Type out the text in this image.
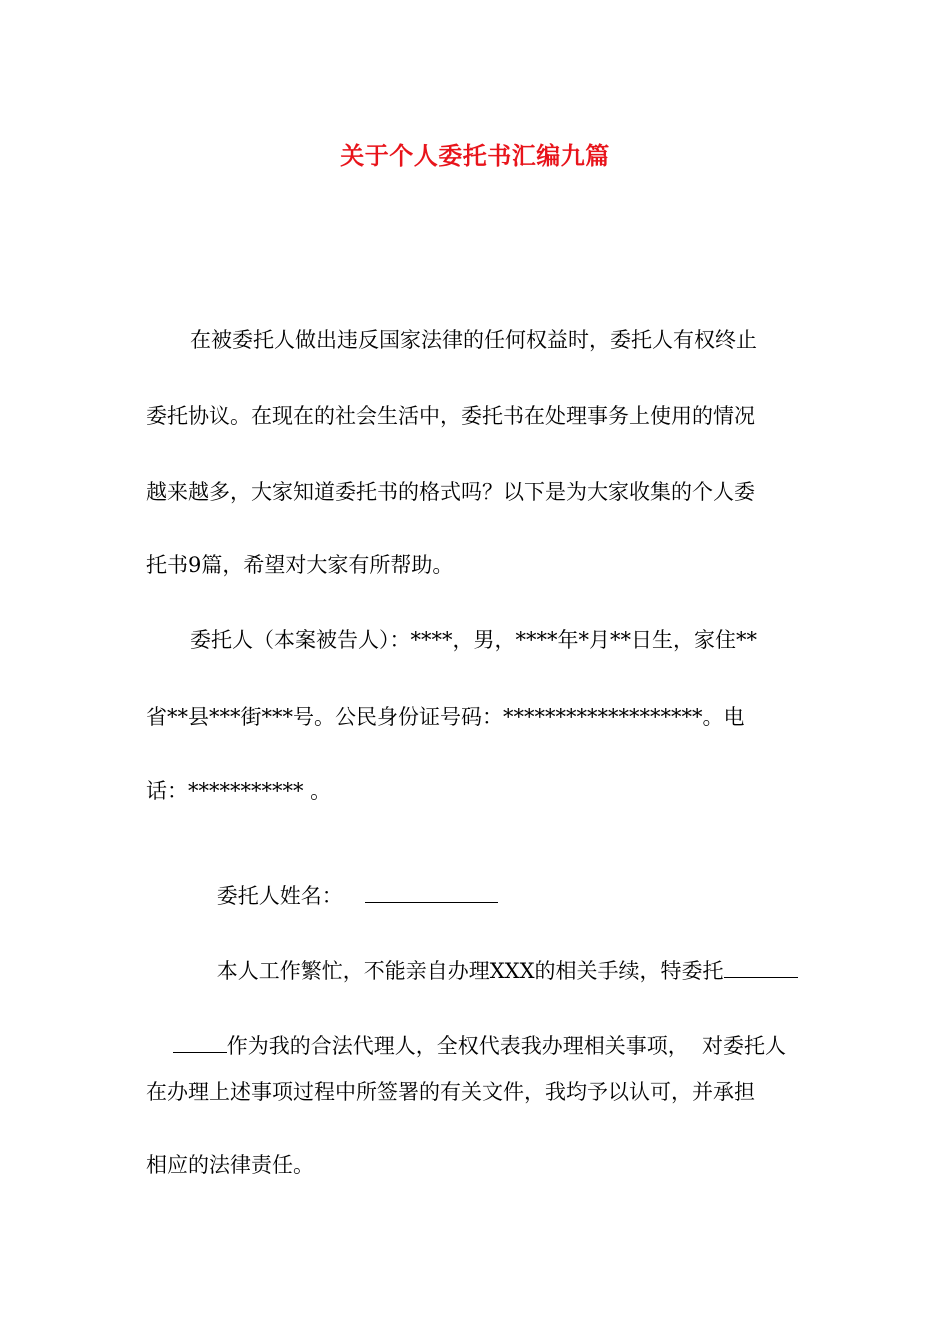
关于个人委托书汇编九篇
在被委托人做出违反国家法律的任何权益时，委托人有权终止
委托协议。在现在的社会生活中，委托书在处理事务上使用的情况
越来越多，大家知道委托书的格式吗？以下是为大家收集的个人委
托书9篇，希望对大家有所帮助。
委托人（本案被告人）：****，男，****年*月**日生，家住**
省**县***街***号。公民身份证号码：*******************。电
话：*********** 。

委托人姓名：

本人工作繁忙，不能亲自办理XXX的相关手续，特委托

作为我的合法代理人，全权代表我办理相关事项，  对委托人

在办理上述事项过程中所签署的有关文件，我均予以认可，并承担
相应的法律责任。
